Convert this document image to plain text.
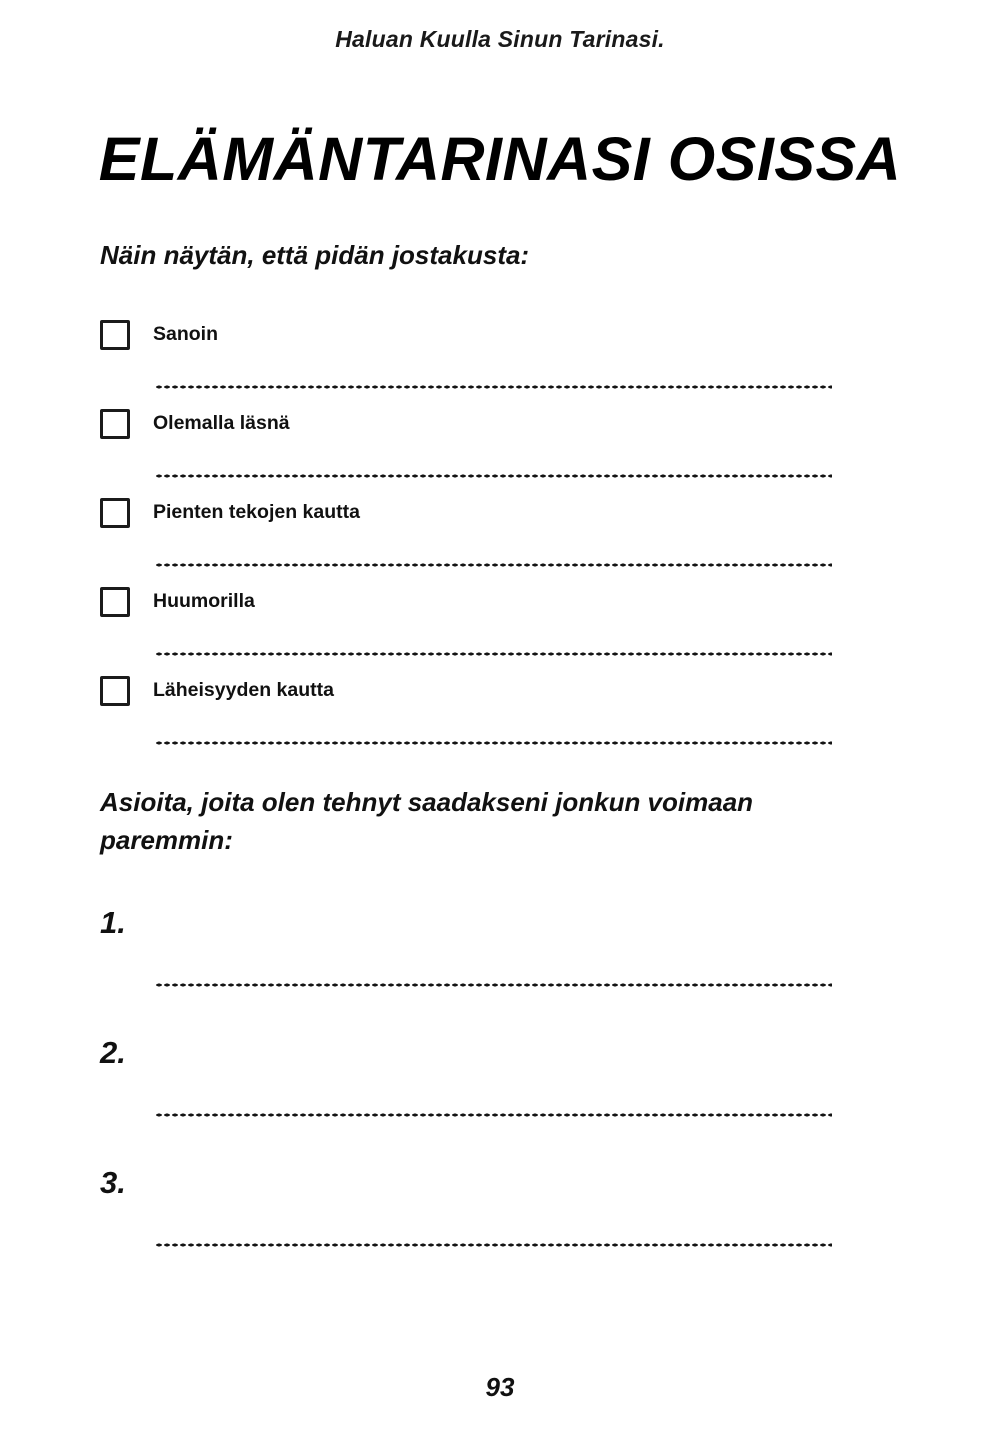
Haluan Kuulla Sinun Tarinasi.
ELÄMÄNTARINASI OSISSA
Näin näytän, että pidän jostakusta:
Sanoin
Olemalla läsnä
Pienten tekojen kautta
Huumorilla
Läheisyyden kautta
Asioita, joita olen tehnyt saadakseni jonkun voimaan paremmin:
1.
2.
3.
93
